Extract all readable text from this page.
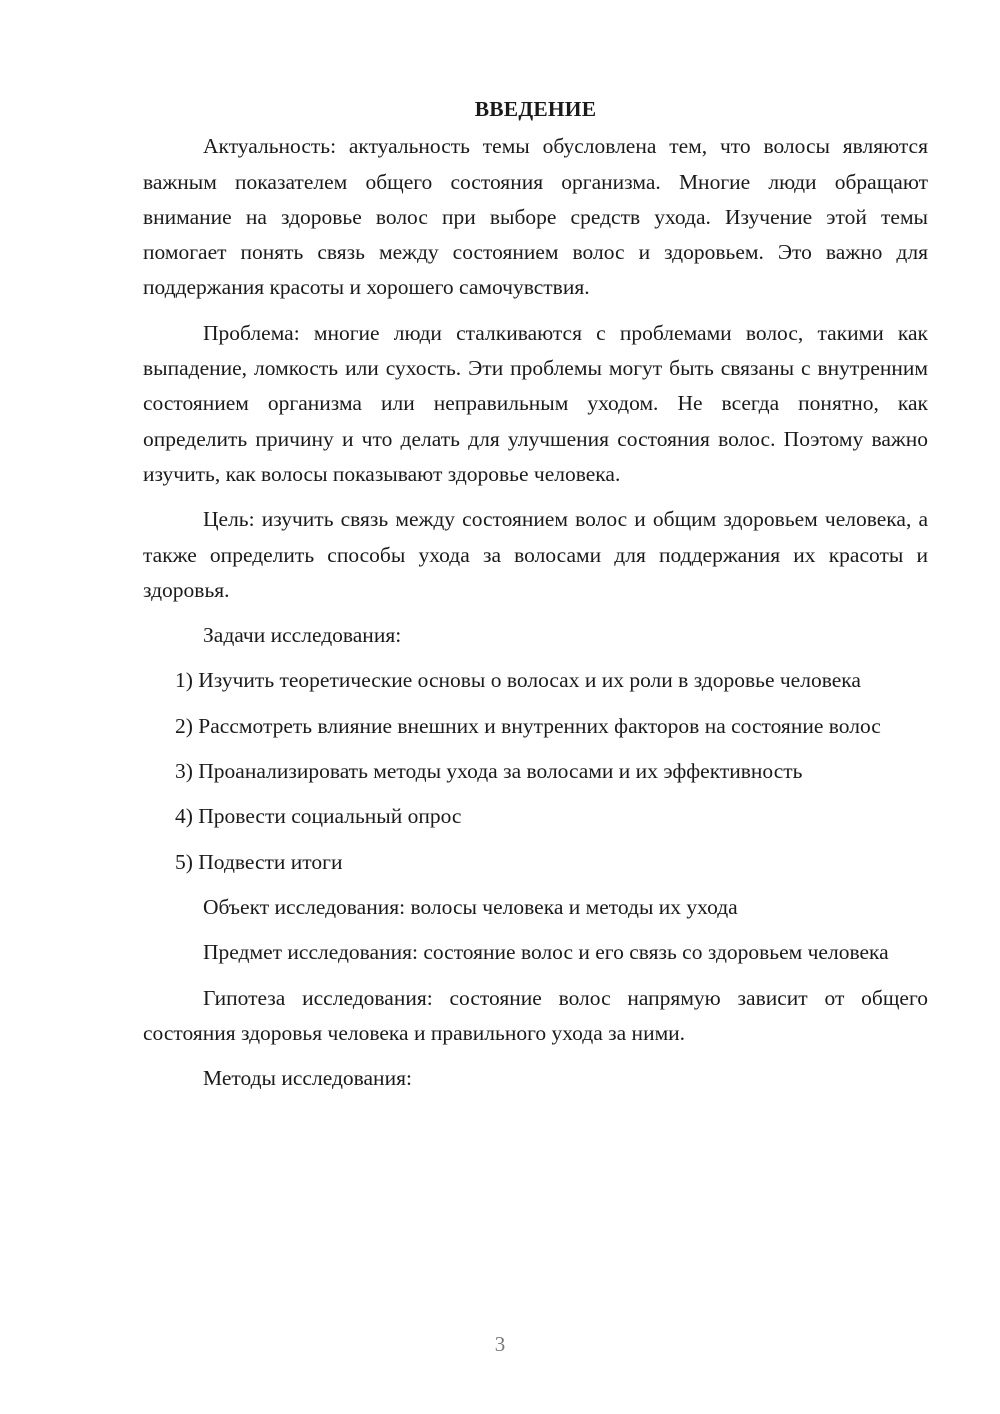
ВВЕДЕНИЕ

Актуальность: актуальность темы обусловлена тем, что волосы являются важным показателем общего состояния организма. Многие люди обращают внимание на здоровье волос при выборе средств ухода. Изучение этой темы помогает понять связь между состоянием волос и здоровьем. Это важно для поддержания красоты и хорошего самочувствия.

Проблема: многие люди сталкиваются с проблемами волос, такими как выпадение, ломкость или сухость. Эти проблемы могут быть связаны с внутренним состоянием организма или неправильным уходом. Не всегда понятно, как определить причину и что делать для улучшения состояния волос. Поэтому важно изучить, как волосы показывают здоровье человека.

Цель: изучить связь между состоянием волос и общим здоровьем человека, а также определить способы ухода за волосами для поддержания их красоты и здоровья.

Задачи исследования:

1) Изучить теоретические основы о волосах и их роли в здоровье человека

2) Рассмотреть влияние внешних и внутренних факторов на состояние волос

3) Проанализировать методы ухода за волосами и их эффективность

4) Провести социальный опрос

5) Подвести итоги

Объект исследования: волосы человека и методы их ухода

Предмет исследования: состояние волос и его связь со здоровьем человека

Гипотеза исследования: состояние волос напрямую зависит от общего состояния здоровья человека и правильного ухода за ними.

Методы исследования:

3
